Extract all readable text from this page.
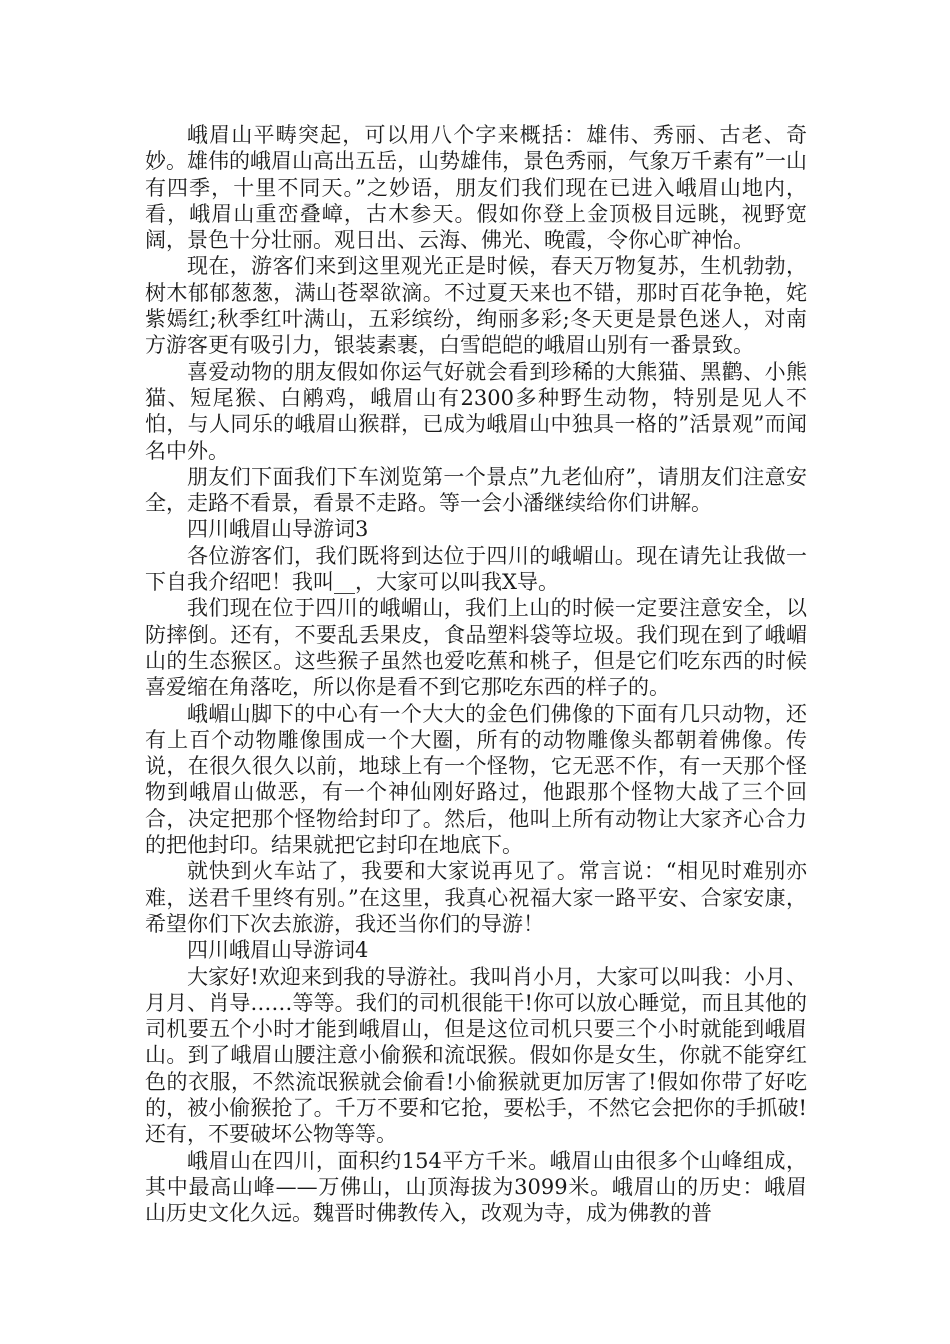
峨眉山平畴突起，可以用八个字来概括：雄伟、秀丽、古老、奇妙。雄伟的峨眉山高出五岳，山势雄伟，景色秀丽，气象万千素有”一山有四季，十里不同天。”之妙语，朋友们我们现在已进入峨眉山地内，看，峨眉山重峦叠嶂，古木参天。假如你登上金顶极目远眺，视野宽阔，景色十分壮丽。观日出、云海、佛光、晚霞，令你心旷神怡。

现在，游客们来到这里观光正是时候，春天万物复苏，生机勃勃，树木郁郁葱葱，满山苍翠欲滴。不过夏天来也不错，那时百花争艳，姹紫嫣红;秋季红叶满山，五彩缤纷，绚丽多彩;冬天更是景色迷人，对南方游客更有吸引力，银装素裹，白雪皑皑的峨眉山别有一番景致。

喜爱动物的朋友假如你运气好就会看到珍稀的大熊猫、黑鹳、小熊猫、短尾猴、白鹇鸡，峨眉山有2300多种野生动物，特别是见人不怕，与人同乐的峨眉山猴群，已成为峨眉山中独具一格的”活景观”而闻名中外。

朋友们下面我们下车浏览第一个景点”九老仙府”，请朋友们注意安全，走路不看景，看景不走路。等一会小潘继续给你们讲解。

四川峨眉山导游词3

各位游客们，我们既将到达位于四川的峨嵋山。现在请先让我做一下自我介绍吧！我叫__，大家可以叫我X导。

我们现在位于四川的峨嵋山，我们上山的时候一定要注意安全，以防摔倒。还有，不要乱丢果皮，食品塑料袋等垃圾。我们现在到了峨嵋山的生态猴区。这些猴子虽然也爱吃蕉和桃子，但是它们吃东西的时候喜爱缩在角落吃，所以你是看不到它那吃东西的样子的。

峨嵋山脚下的中心有一个大大的金色们佛像的下面有几只动物，还有上百个动物雕像围成一个大圈，所有的动物雕像头都朝着佛像。传说，在很久很久以前，地球上有一个怪物，它无恶不作，有一天那个怪物到峨眉山做恶，有一个神仙刚好路过，他跟那个怪物大战了三个回合，决定把那个怪物给封印了。然后，他叫上所有动物让大家齐心合力的把他封印。结果就把它封印在地底下。

就快到火车站了，我要和大家说再见了。常言说：“相见时难别亦难，送君千里终有别。”在这里，我真心祝福大家一路平安、合家安康，希望你们下次去旅游，我还当你们的导游！

四川峨眉山导游词4

大家好!欢迎来到我的导游社。我叫肖小月，大家可以叫我：小月、月月、肖导……等等。我们的司机很能干!你可以放心睡觉，而且其他的司机要五个小时才能到峨眉山，但是这位司机只要三个小时就能到峨眉山。到了峨眉山腰注意小偷猴和流氓猴。假如你是女生，你就不能穿红色的衣服，不然流氓猴就会偷看!小偷猴就更加厉害了!假如你带了好吃的，被小偷猴抢了。千万不要和它抢，要松手，不然它会把你的手抓破!还有，不要破坏公物等等。

峨眉山在四川，面积约154平方千米。峨眉山由很多个山峰组成，其中最高山峰——万佛山，山顶海拔为3099米。峨眉山的历史：峨眉山历史文化久远。魏晋时佛教传入，改观为寺，成为佛教的普
